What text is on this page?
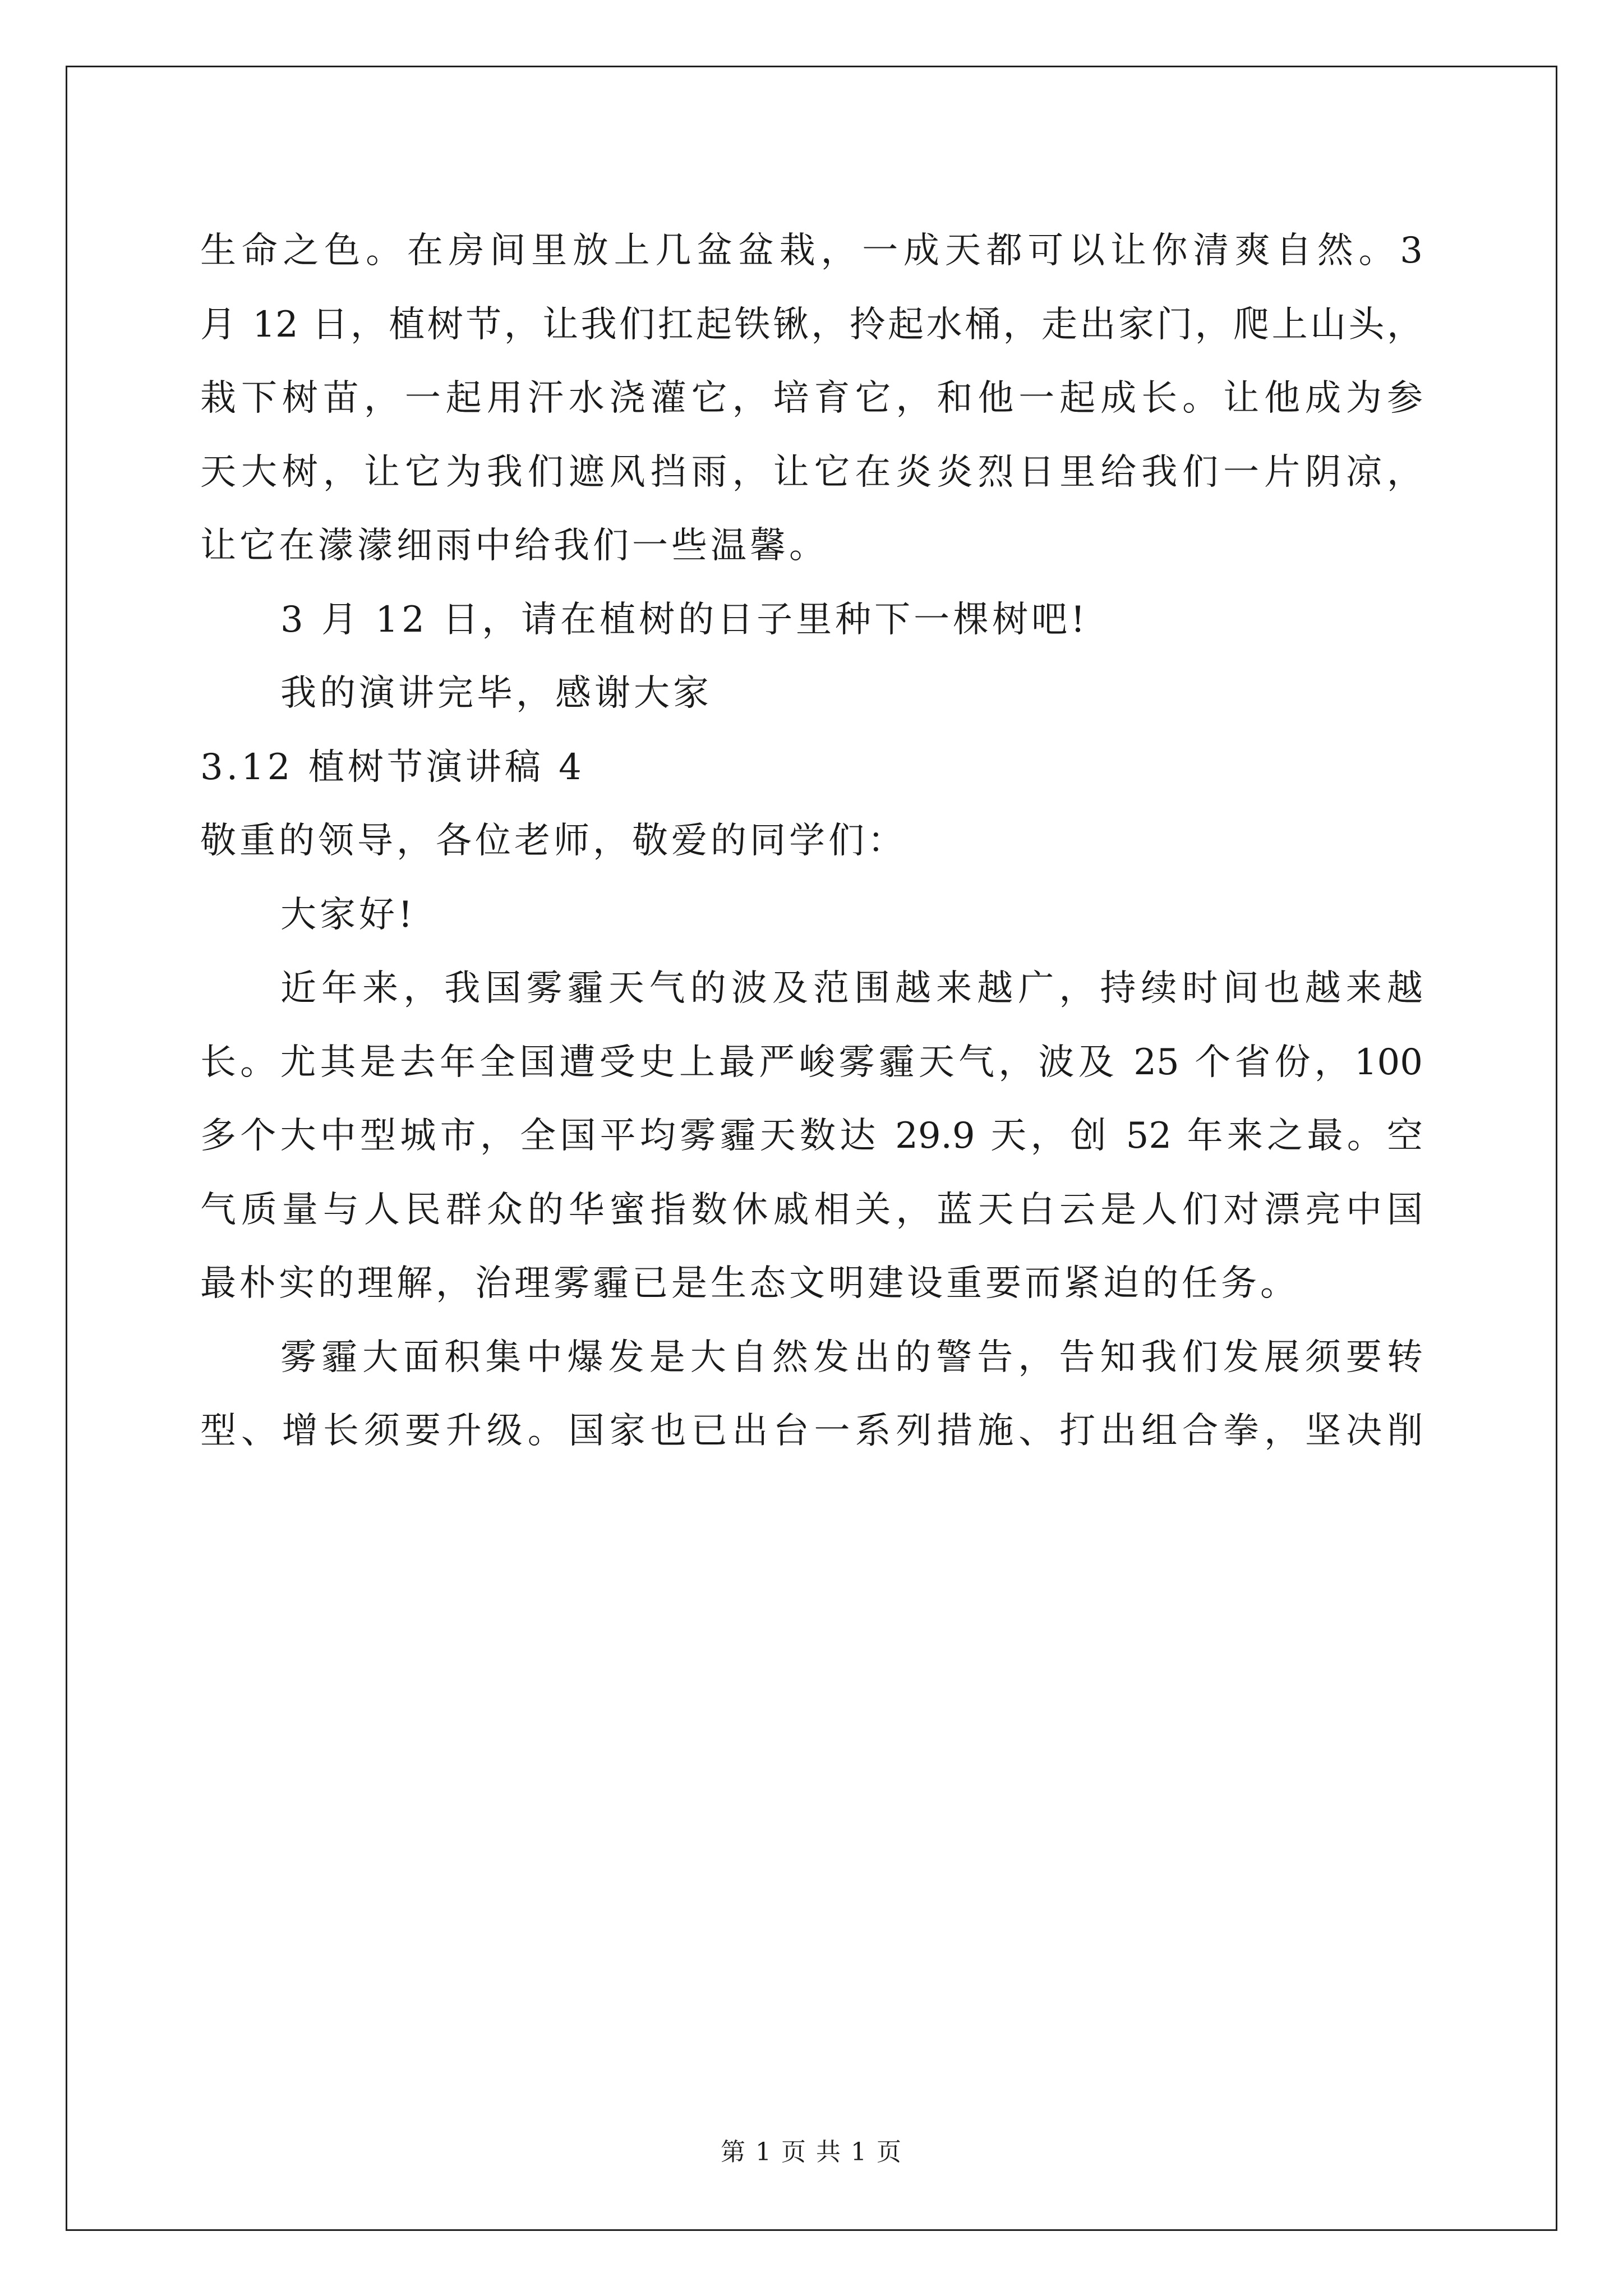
生命之色。在房间里放上几盆盆栽，一成天都可以让你清爽自然。3
月 12 日，植树节，让我们扛起铁锹，拎起水桶，走出家门，爬上山头，
栽下树苗，一起用汗水浇灌它，培育它，和他一起成长。让他成为参
天大树，让它为我们遮风挡雨，让它在炎炎烈日里给我们一片阴凉，
让它在濛濛细雨中给我们一些温馨。
3 月 12 日，请在植树的日子里种下一棵树吧!
我的演讲完毕，感谢大家
3.12 植树节演讲稿 4
敬重的领导，各位老师，敬爱的同学们：
大家好!
近年来，我国雾霾天气的波及范围越来越广，持续时间也越来越
长。尤其是去年全国遭受史上最严峻雾霾天气，波及 25 个省份，100
多个大中型城市，全国平均雾霾天数达 29.9 天，创 52 年来之最。空
气质量与人民群众的华蜜指数休戚相关，蓝天白云是人们对漂亮中国
最朴实的理解，治理雾霾已是生态文明建设重要而紧迫的任务。
雾霾大面积集中爆发是大自然发出的警告，告知我们发展须要转
型、增长须要升级。国家也已出台一系列措施、打出组合拳，坚决削
第 1 页 共 1 页
